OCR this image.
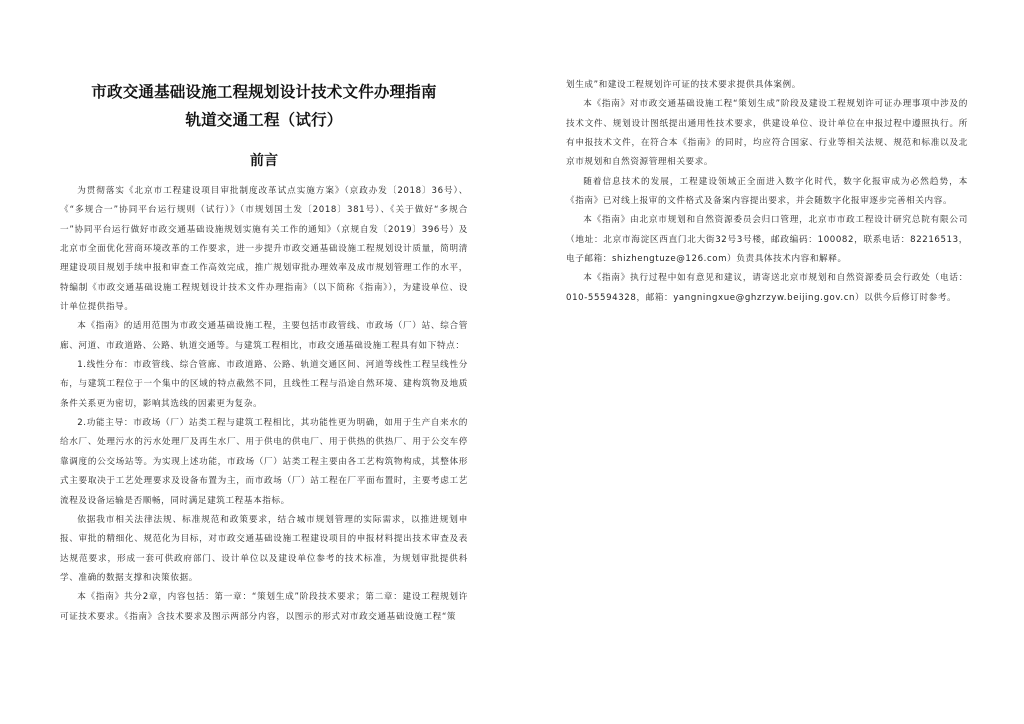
市政交通基础设施工程规划设计技术文件办理指南
轨道交通工程（试行）
前言

为贯彻落实《北京市工程建设项目审批制度改革试点实施方案》（京政办发〔2018〕36号）、《“多规合一”协同平台运行规则（试行）》（市规划国土发〔2018〕381号）、《关于做好“多规合一”协同平台运行做好市政交通基础设施规划实施有关工作的通知》（京规自发〔2019〕396号）及北京市全面优化营商环境改革的工作要求，进一步提升市政交通基础设施工程规划设计质量，简明清理建设项目规划手续申报和审查工作高效完成，推广规划审批办理效率及成市规划管理工作的水平，特编制《市政交通基础设施工程规划设计技术文件办理指南》（以下简称《指南》），为建设单位、设计单位提供指导。

本《指南》的适用范围为市政交通基础设施工程，主要包括市政管线、市政场（厂）站、综合管廊、河道、市政道路、公路、轨道交通等。与建筑工程相比，市政交通基础设施工程具有如下特点：

1.线性分布：市政管线、综合管廊、市政道路、公路、轨道交通区间、河道等线性工程呈线性分布，与建筑工程位于一个集中的区域的特点截然不同，且线性工程与沿途自然环境、建构筑物及地质条件关系更为密切，影响其选线的因素更为复杂。

2.功能主导：市政场（厂）站类工程与建筑工程相比，其功能性更为明确，如用于生产自来水的给水厂、处理污水的污水处理厂及再生水厂、用于供电的供电厂、用于供热的供热厂、用于公交车停靠调度的公交场站等。为实现上述功能，市政场（厂）站类工程主要由各工艺构筑物构成，其整体形式主要取决于工艺处理要求及设备布置为主，而市政场（厂）站工程在厂平面布置时，主要考虑工艺流程及设备运输是否顺畅，同时满足建筑工程基本指标。

依据我市相关法律法规、标准规范和政策要求，结合城市规划管理的实际需求，以推进规划申报、审批的精细化、规范化为目标，对市政交通基础设施工程建设项目的申报材料提出技术审查及表达规范要求，形成一套可供政府部门、设计单位以及建设单位参考的技术标准，为规划审批提供科学、准确的数据支撑和决策依据。

本《指南》共分2章，内容包括：第一章：“策划生成”阶段技术要求；第二章：建设工程规划许可证技术要求。《指南》含技术要求及图示两部分内容，以图示的形式对市政交通基础设施工程“策

划生成”和建设工程规划许可证的技术要求提供具体案例。

本《指南》对市政交通基础设施工程“策划生成”阶段及建设工程规划许可证办理事项中涉及的技术文件、规划设计图纸提出通用性技术要求，供建设单位、设计单位在申报过程中遵照执行。所有申报技术文件，在符合本《指南》的同时，均应符合国家、行业等相关法规、规范和标准以及北京市规划和自然资源管理相关要求。

随着信息技术的发展，工程建设领域正全面进入数字化时代，数字化报审成为必然趋势，本《指南》已对线上报审的文件格式及备案内容提出要求，并会随数字化报审逐步完善相关内容。

本《指南》由北京市规划和自然资源委员会归口管理，北京市市政工程设计研究总院有限公司（地址：北京市海淀区西直门北大街32号3号楼，邮政编码：100082，联系电话：82216513，电子邮箱：shizhengtuze@126.com）负责具体技术内容和解释。

本《指南》执行过程中如有意见和建议，请寄送北京市规划和自然资源委员会行政处（电话：010-55594328，邮箱：yangningxue@ghzrzyw.beijing.gov.cn）以供今后修订时参考。
